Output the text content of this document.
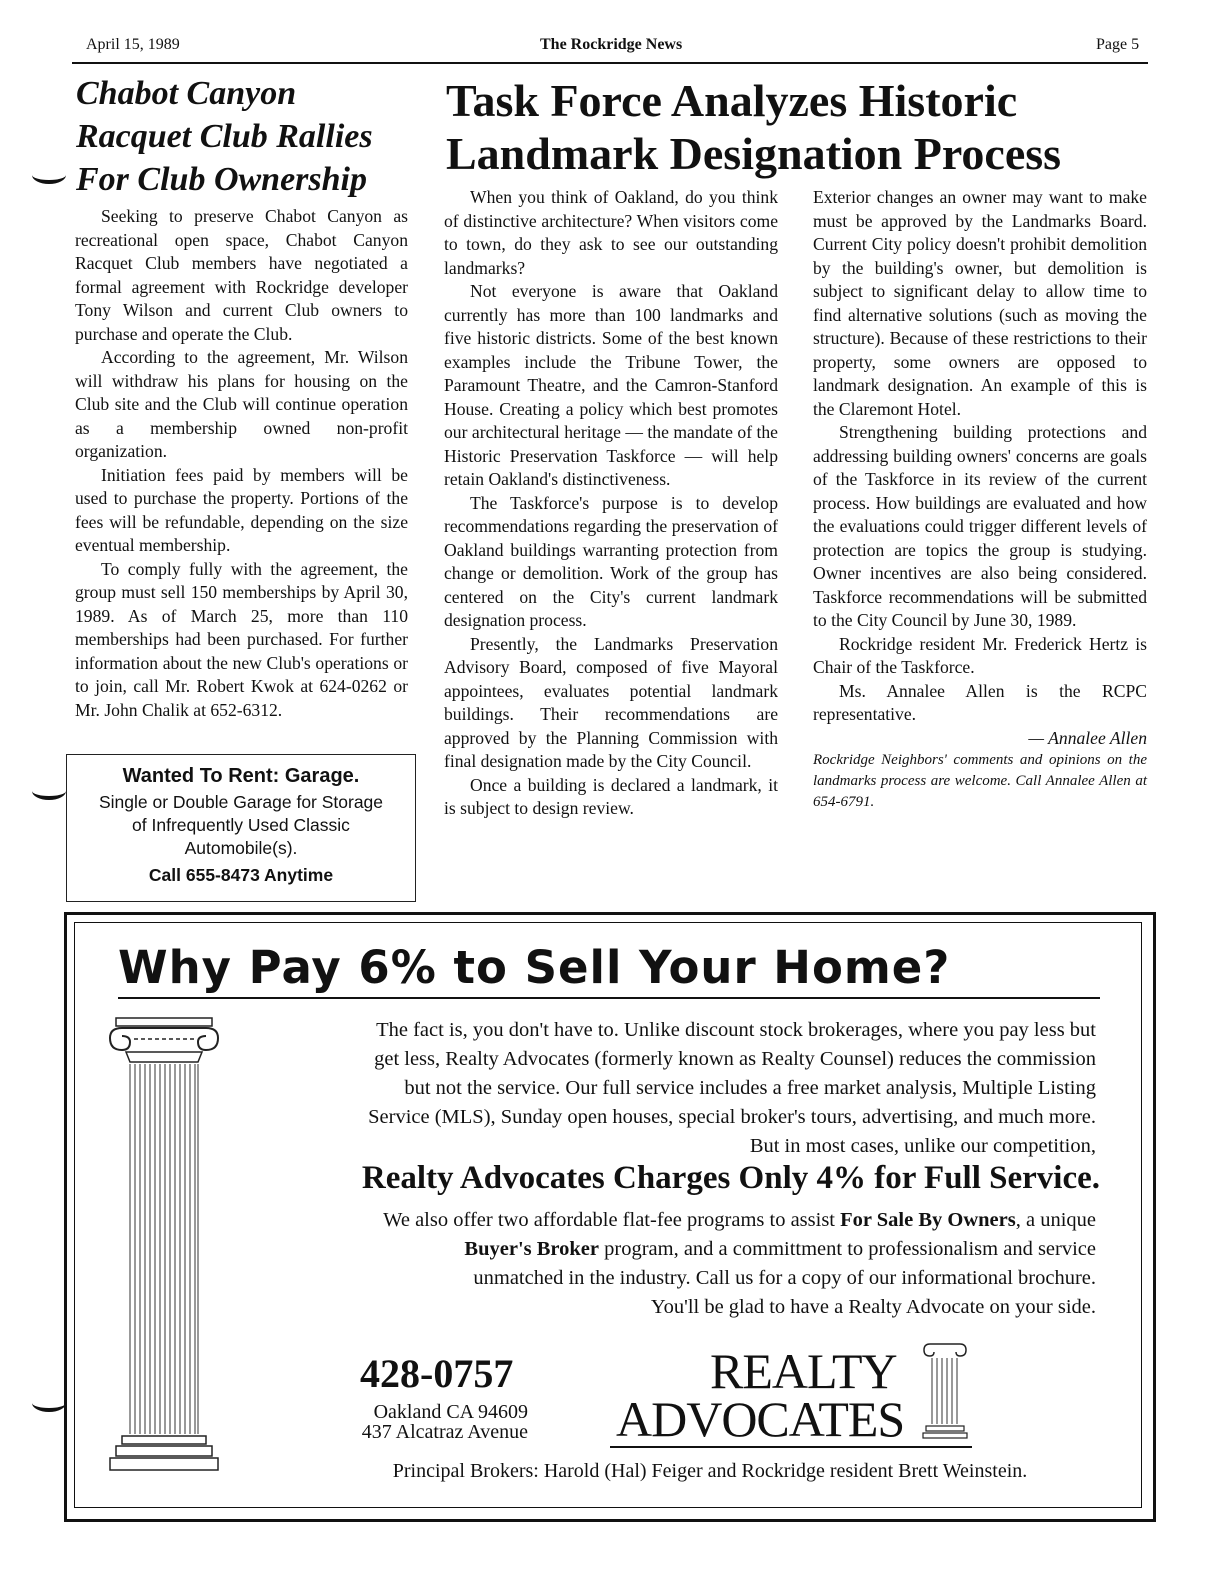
April 15, 1989	The Rockridge News	Page 5
Chabot Canyon Racquet Club Rallies For Club Ownership

Seeking to preserve Chabot Canyon as recreational open space, Chabot Canyon Racquet Club members have negotiated a formal agreement with Rockridge developer Tony Wilson and current Club owners to purchase and operate the Club.

According to the agreement, Mr. Wilson will withdraw his plans for housing on the Club site and the Club will continue operation as a membership owned non-profit organization.

Initiation fees paid by members will be used to purchase the property. Portions of the fees will be refundable, depending on the size eventual membership.

To comply fully with the agreement, the group must sell 150 memberships by April 30, 1989. As of March 25, more than 110 memberships had been purchased. For further information about the new Club's operations or to join, call Mr. Robert Kwok at 624-0262 or Mr. John Chalik at 652-6312.

Wanted To Rent: Garage.
Single or Double Garage for Storage of Infrequently Used Classic Automobile(s).
Call 655-8473 Anytime
Task Force Analyzes Historic Landmark Designation Process

When you think of Oakland, do you think of distinctive architecture? When visitors come to town, do they ask to see our outstanding landmarks?

Not everyone is aware that Oakland currently has more than 100 landmarks and five historic districts. Some of the best known examples include the Tribune Tower, the Paramount Theatre, and the Camron-Stanford House. Creating a policy which best promotes our architectural heritage — the mandate of the Historic Preservation Taskforce — will help retain Oakland's distinctiveness.

The Taskforce's purpose is to develop recommendations regarding the preservation of Oakland buildings warranting protection from change or demolition. Work of the group has centered on the City's current landmark designation process.

Presently, the Landmarks Preservation Advisory Board, composed of five Mayoral appointees, evaluates potential landmark buildings. Their recommendations are approved by the Planning Commission with final designation made by the City Council.

Once a building is declared a landmark, it is subject to design review.

Exterior changes an owner may want to make must be approved by the Landmarks Board. Current City policy doesn't prohibit demolition by the building's owner, but demolition is subject to significant delay to allow time to find alternative solutions (such as moving the structure). Because of these restrictions to their property, some owners are opposed to landmark designation. An example of this is the Claremont Hotel.

Strengthening building protections and addressing building owners' concerns are goals of the Taskforce in its review of the current process. How buildings are evaluated and how the evaluations could trigger different levels of protection are topics the group is studying. Owner incentives are also being considered. Taskforce recommendations will be submitted to the City Council by June 30, 1989.

Rockridge resident Mr. Frederick Hertz is Chair of the Taskforce.

Ms. Annalee Allen is the RCPC representative.

— Annalee Allen
Rockridge Neighbors' comments and opinions on the landmarks process are welcome. Call Annalee Allen at 654-6791.
Why Pay 6% to Sell Your Home?
The fact is, you don't have to. Unlike discount stock brokerages, where you pay less but
get less, Realty Advocates (formerly known as Realty Counsel) reduces the commission
but not the service. Our full service includes a free market analysis, Multiple Listing
Service (MLS), Sunday open houses, special broker's tours, advertising, and much more.
But in most cases, unlike our competition,
Realty Advocates Charges Only 4% for Full Service.
We also offer two affordable flat-fee programs to assist For Sale By Owners, a unique
Buyer's Broker program, and a committment to professionalism and service
unmatched in the industry. Call us for a copy of our informational brochure.
You'll be glad to have a Realty Advocate on your side.
428-0757
Oakland CA 94609
437 Alcatraz Avenue
REALTY
ADVOCATES
Principal Brokers: Harold (Hal) Feiger and Rockridge resident Brett Weinstein.
